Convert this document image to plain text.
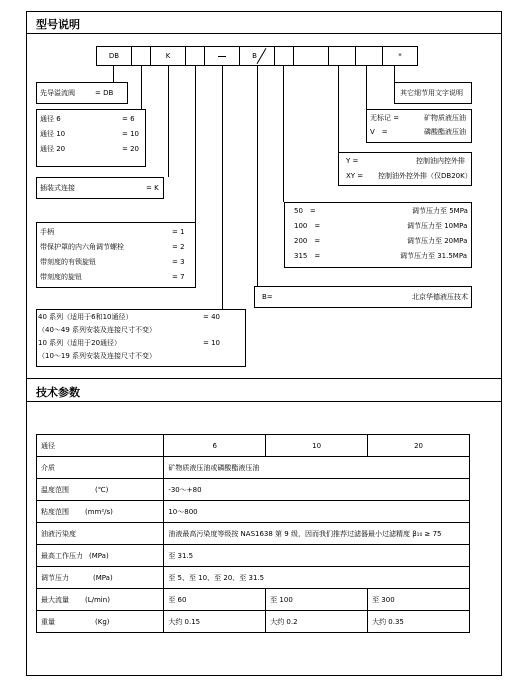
型号说明
DB	K	B	*
先导溢流阀	= DB
通径 6	= 6
通径 10	= 10
通径 20	= 20
插装式连接	= K
手柄	= 1
带保护罩的内六角调节螺栓	= 2
带刻度的有锁旋钮	= 3
带刻度的旋钮	= 7
40 系列（适用于6和10通径）	= 40
（40～49 系列安装及连接尺寸不变）
10 系列（适用于20通径）	= 10
（10～19 系列安装及连接尺寸不变）
其它细节用文字说明
无标记 =	矿物质液压油
V　=	磷酸酯液压油
Y =	控制油内控外排
XY = 控制油外控外排（仅DB20K）
50　=	调节压力至 5MPa
100　=	调节压力至 10MPa
200　=	调节压力至 20MPa
315　=	调节压力至 31.5MPa
B=	北京华德液压技术
技术参数
通径	6	10	20
介质	矿物质液压油或磷酸酯液压油		
温度范围 (℃)	-30～+80		
粘度范围 (mm²/s)	10～800		
油液污染度	油液最高污染度等级按 NAS1638 第 9 级，因而我们推荐过滤器最小过滤精度 β₁₀ ≥ 75		
最高工作压力 (MPa)	至 31.5		
调节压力 (MPa)	至 5、至 10、至 20、至 31.5		
最大流量 (L/min)	至 60	至 100	至 300
重量 (Kg)	大约 0.15	大约 0.2	大约 0.35
